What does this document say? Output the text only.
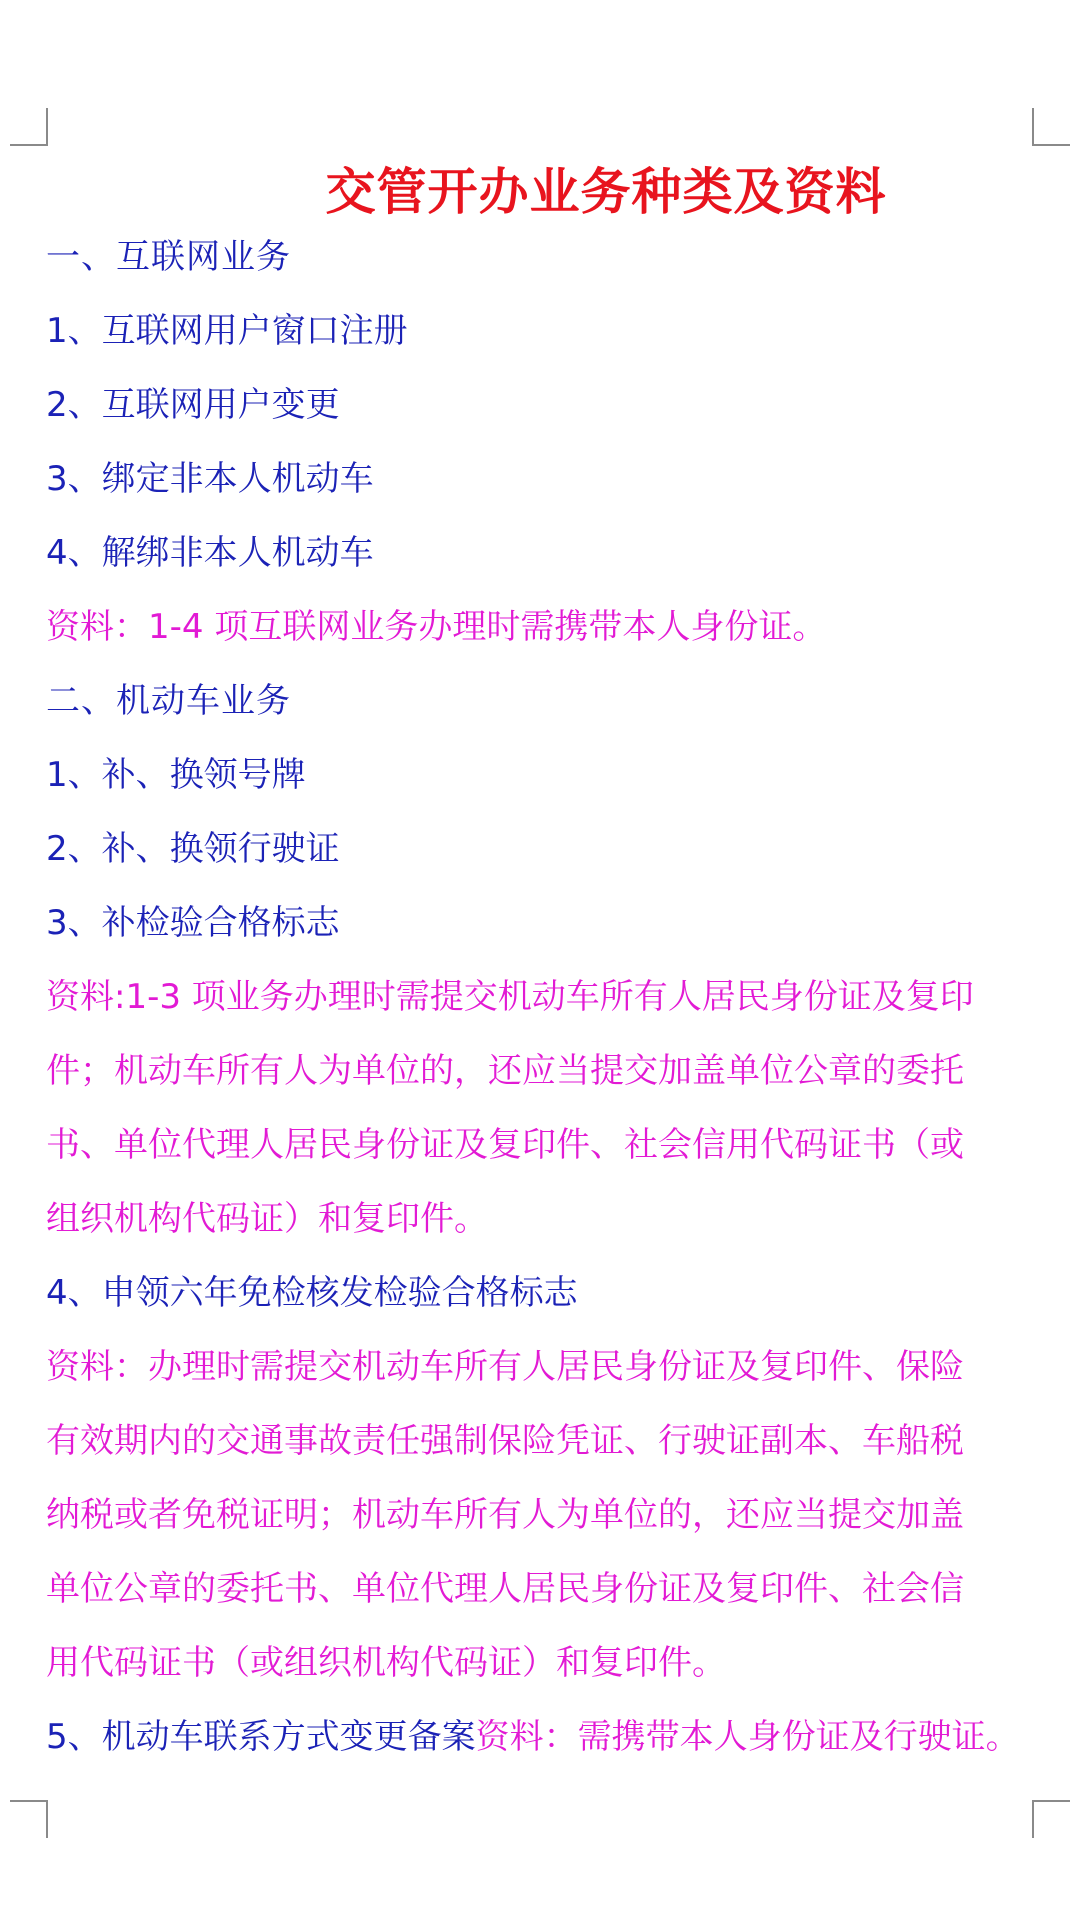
交管开办业务种类及资料
一、互联网业务
1、互联网用户窗口注册
2、互联网用户变更
3、绑定非本人机动车
4、解绑非本人机动车
资料：1-4 项互联网业务办理时需携带本人身份证。
二、机动车业务
1、补、换领号牌
2、补、换领行驶证
3、补检验合格标志
资料:1-3 项业务办理时需提交机动车所有人居民身份证及复印
件；机动车所有人为单位的，还应当提交加盖单位公章的委托
书、单位代理人居民身份证及复印件、社会信用代码证书（或
组织机构代码证）和复印件。
4、申领六年免检核发检验合格标志
资料：办理时需提交机动车所有人居民身份证及复印件、保险
有效期内的交通事故责任强制保险凭证、行驶证副本、车船税
纳税或者免税证明；机动车所有人为单位的，还应当提交加盖
单位公章的委托书、单位代理人居民身份证及复印件、社会信
用代码证书（或组织机构代码证）和复印件。
5、机动车联系方式变更备案资料：需携带本人身份证及行驶证。
